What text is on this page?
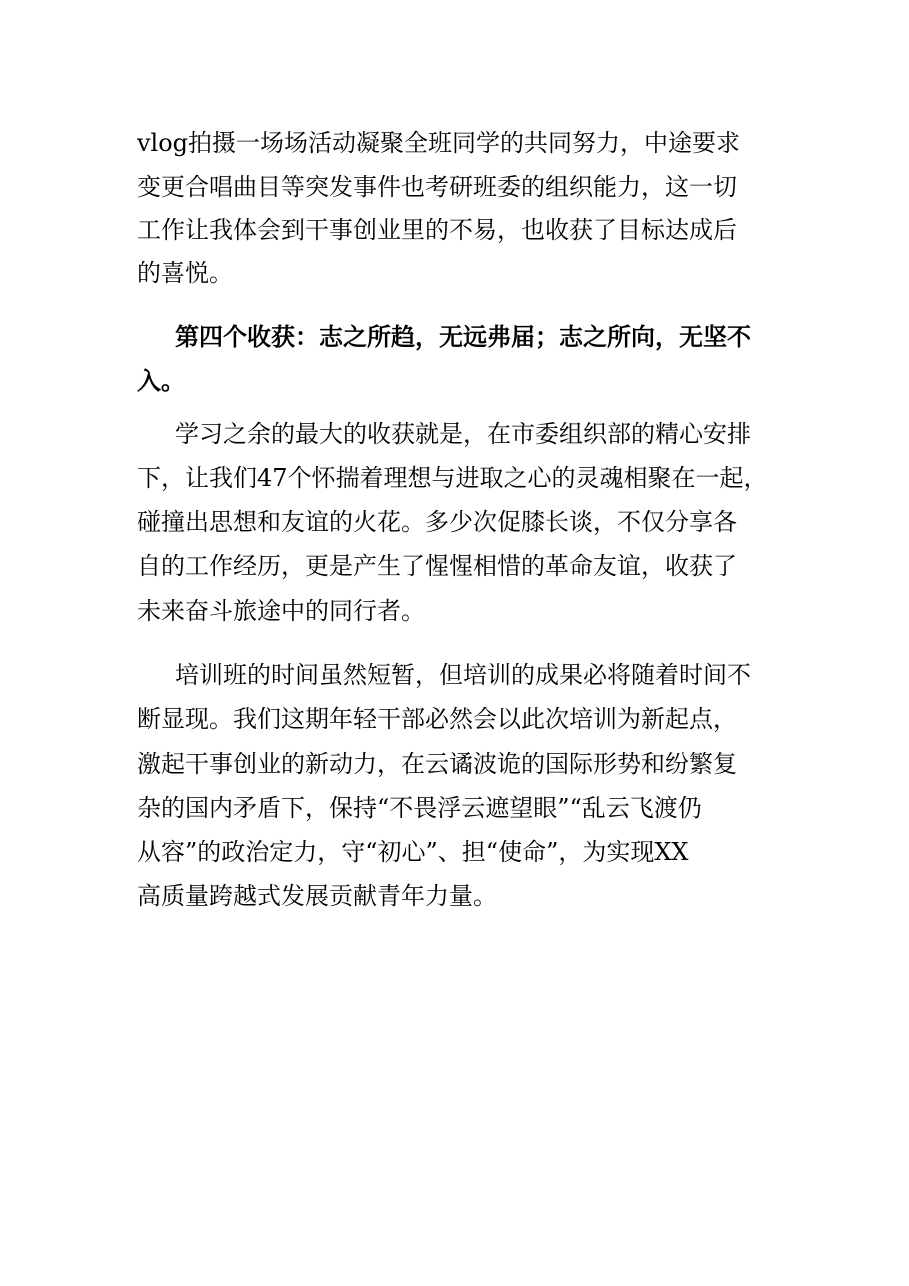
vlog拍摄一场场活动凝聚全班同学的共同努力，中途要求
变更合唱曲目等突发事件也考研班委的组织能力，这一切
工作让我体会到干事创业里的不易，也收获了目标达成后
的喜悦。
第四个收获：志之所趋，无远弗届；志之所向，无坚不
入。
学习之余的最大的收获就是，在市委组织部的精心安排
下，让我们47个怀揣着理想与进取之心的灵魂相聚在一起，
碰撞出思想和友谊的火花。多少次促膝长谈，不仅分享各
自的工作经历，更是产生了惺惺相惜的革命友谊，收获了
未来奋斗旅途中的同行者。
培训班的时间虽然短暂，但培训的成果必将随着时间不
断显现。我们这期年轻干部必然会以此次培训为新起点，
激起干事创业的新动力，在云谲波诡的国际形势和纷繁复
杂的国内矛盾下，保持“不畏浮云遮望眼”“乱云飞渡仍
从容”的政治定力，守“初心”、担“使命”，为实现XX
高质量跨越式发展贡献青年力量。
